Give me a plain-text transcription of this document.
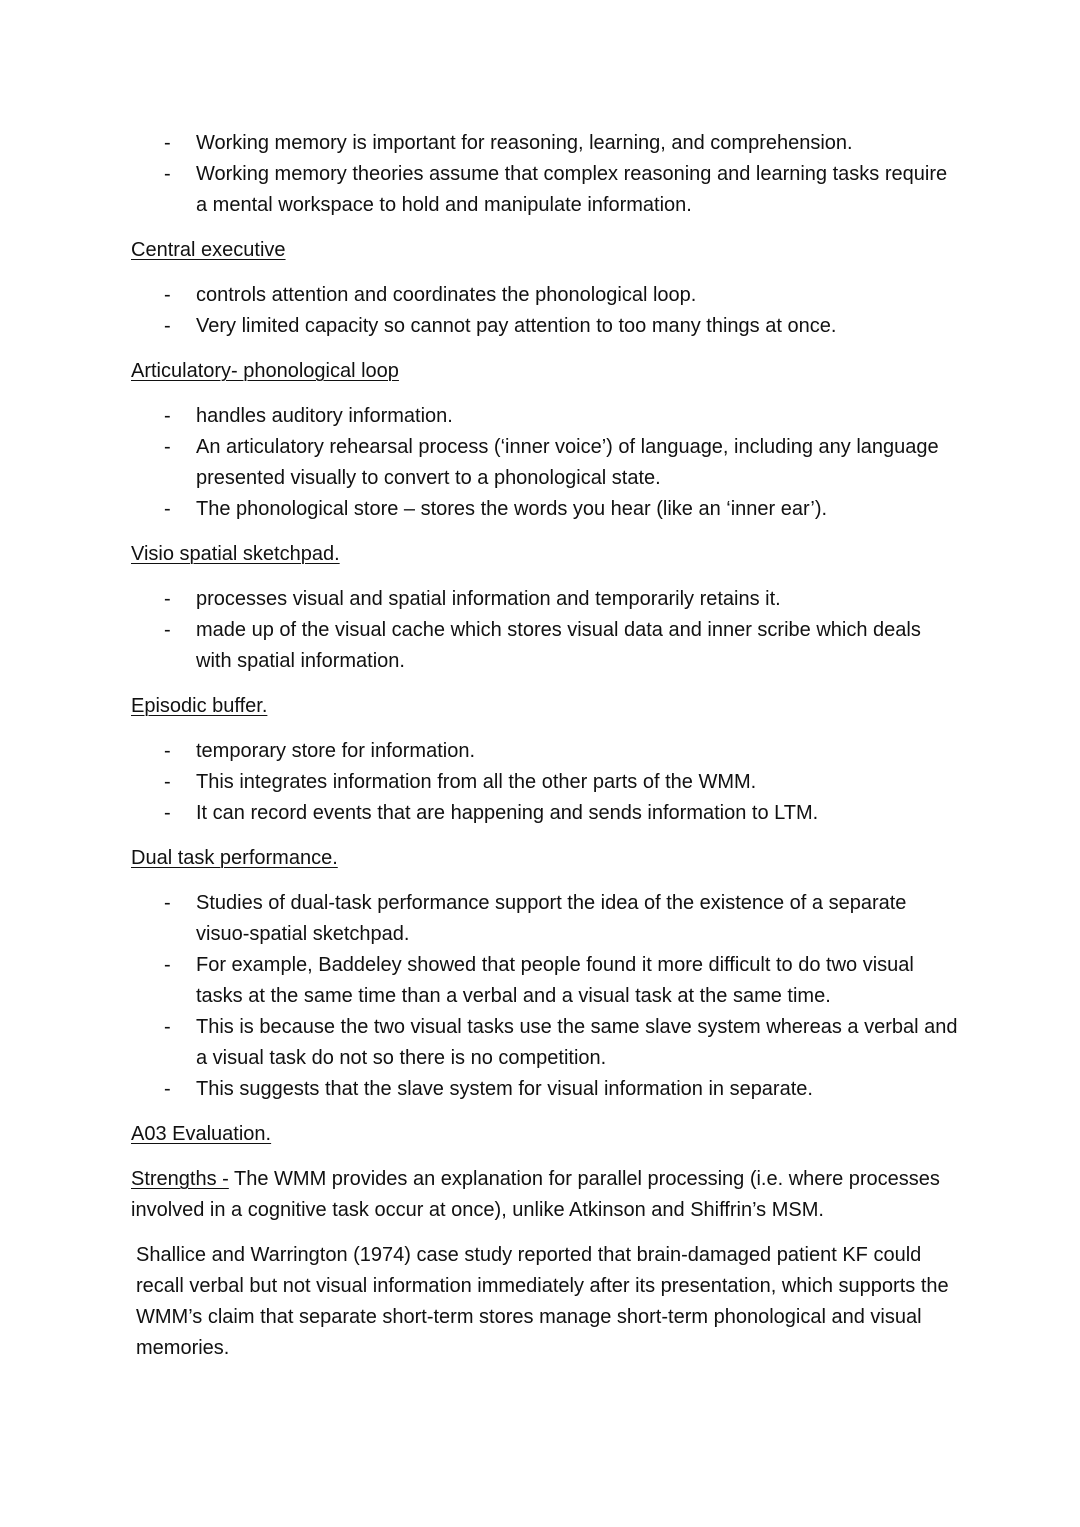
- Working memory is important for reasoning, learning, and comprehension.
- Working memory theories assume that complex reasoning and learning tasks require a mental workspace to hold and manipulate information.
Central executive
- controls attention and coordinates the phonological loop.
- Very limited capacity so cannot pay attention to too many things at once.
Articulatory- phonological loop
- handles auditory information.
- An articulatory rehearsal process (‘inner voice’) of language, including any language presented visually to convert to a phonological state.
- The phonological store – stores the words you hear (like an ‘inner ear’).
Visio spatial sketchpad.
- processes visual and spatial information and temporarily retains it.
- made up of the visual cache which stores visual data and inner scribe which deals with spatial information.
Episodic buffer.
- temporary store for information.
- This integrates information from all the other parts of the WMM.
- It can record events that are happening and sends information to LTM.
Dual task performance.
- Studies of dual-task performance support the idea of the existence of a separate visuo-spatial sketchpad.
- For example, Baddeley showed that people found it more difficult to do two visual tasks at the same time than a verbal and a visual task at the same time.
- This is because the two visual tasks use the same slave system whereas a verbal and a visual task do not so there is no competition.
- This suggests that the slave system for visual information in separate.
A03 Evaluation.

Strengths - The WMM provides an explanation for parallel processing (i.e. where processes involved in a cognitive task occur at once), unlike Atkinson and Shiffrin’s MSM.

Shallice and Warrington (1974) case study reported that brain-damaged patient KF could recall verbal but not visual information immediately after its presentation, which supports the WMM’s claim that separate short-term stores manage short-term phonological and visual memories.
